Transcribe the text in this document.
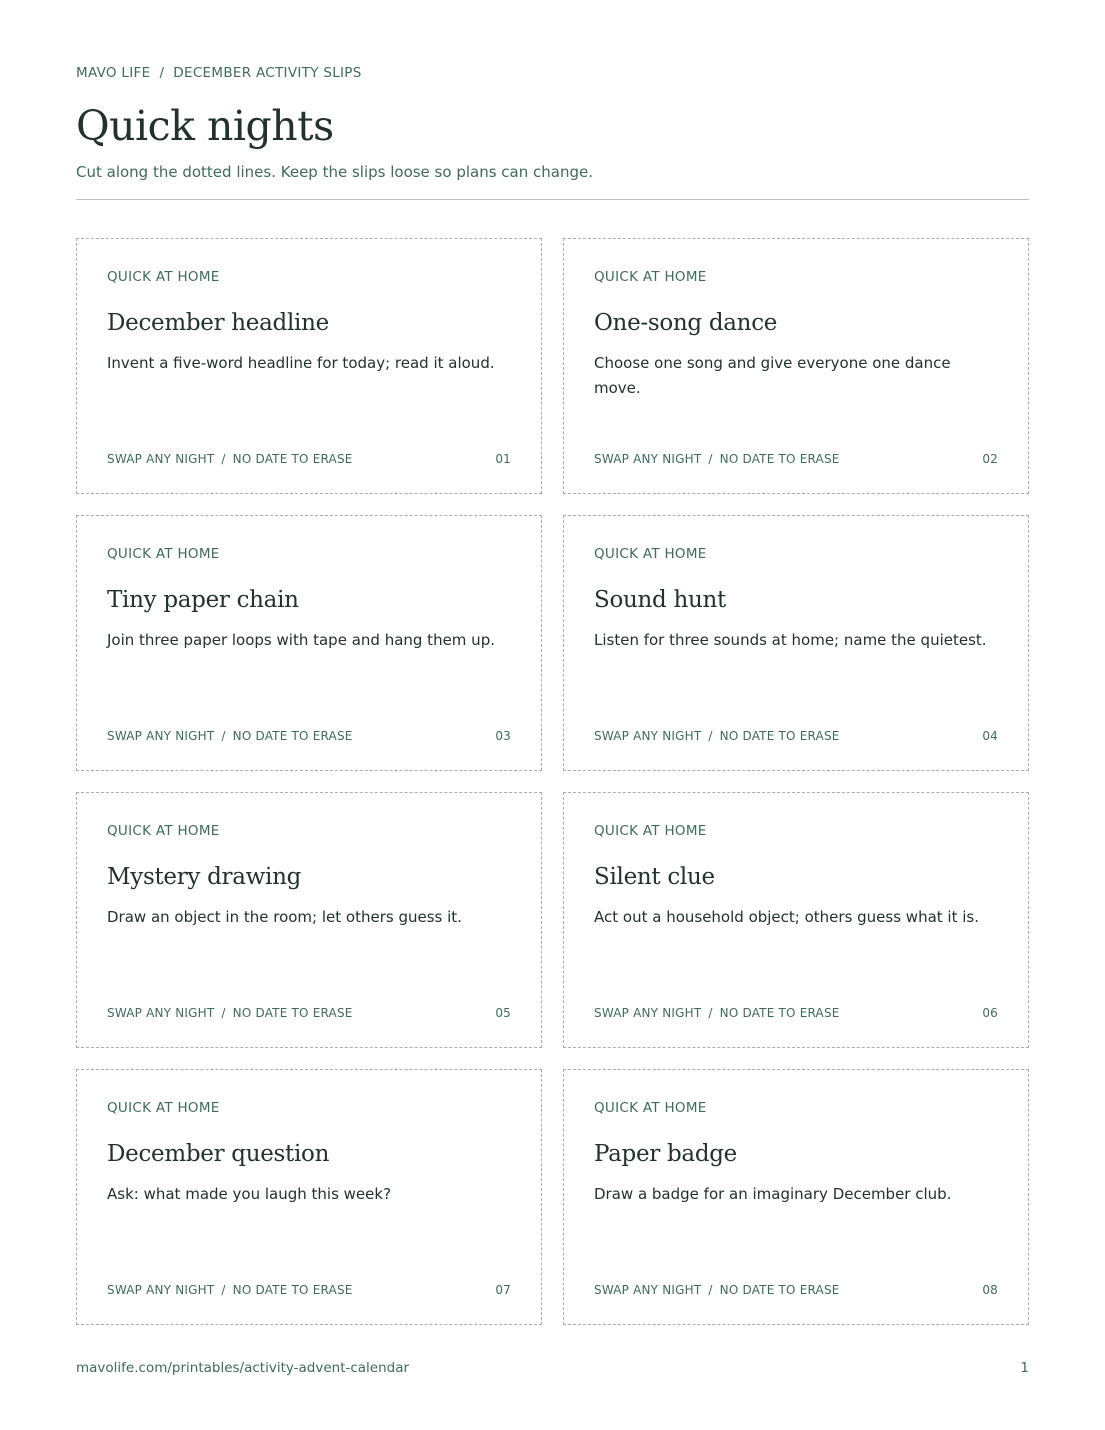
MAVO LIFE / DECEMBER ACTIVITY SLIPS
Quick nights

Cut along the dotted lines. Keep the slips loose so plans can change.

QUICK AT HOME
December headline
Invent a five-word headline for today; read it aloud.
SWAP ANY NIGHT / NO DATE TO ERASE	01
QUICK AT HOME
One-song dance
Choose one song and give everyone one dance move.
SWAP ANY NIGHT / NO DATE TO ERASE	02
QUICK AT HOME
Tiny paper chain
Join three paper loops with tape and hang them up.
SWAP ANY NIGHT / NO DATE TO ERASE	03
QUICK AT HOME
Sound hunt
Listen for three sounds at home; name the quietest.
SWAP ANY NIGHT / NO DATE TO ERASE	04
QUICK AT HOME
Mystery drawing
Draw an object in the room; let others guess it.
SWAP ANY NIGHT / NO DATE TO ERASE	05
QUICK AT HOME
Silent clue
Act out a household object; others guess what it is.
SWAP ANY NIGHT / NO DATE TO ERASE	06
QUICK AT HOME
December question
Ask: what made you laugh this week?
SWAP ANY NIGHT / NO DATE TO ERASE	07
QUICK AT HOME
Paper badge
Draw a badge for an imaginary December club.
SWAP ANY NIGHT / NO DATE TO ERASE	08
mavolife.com/printables/activity-advent-calendar	1
